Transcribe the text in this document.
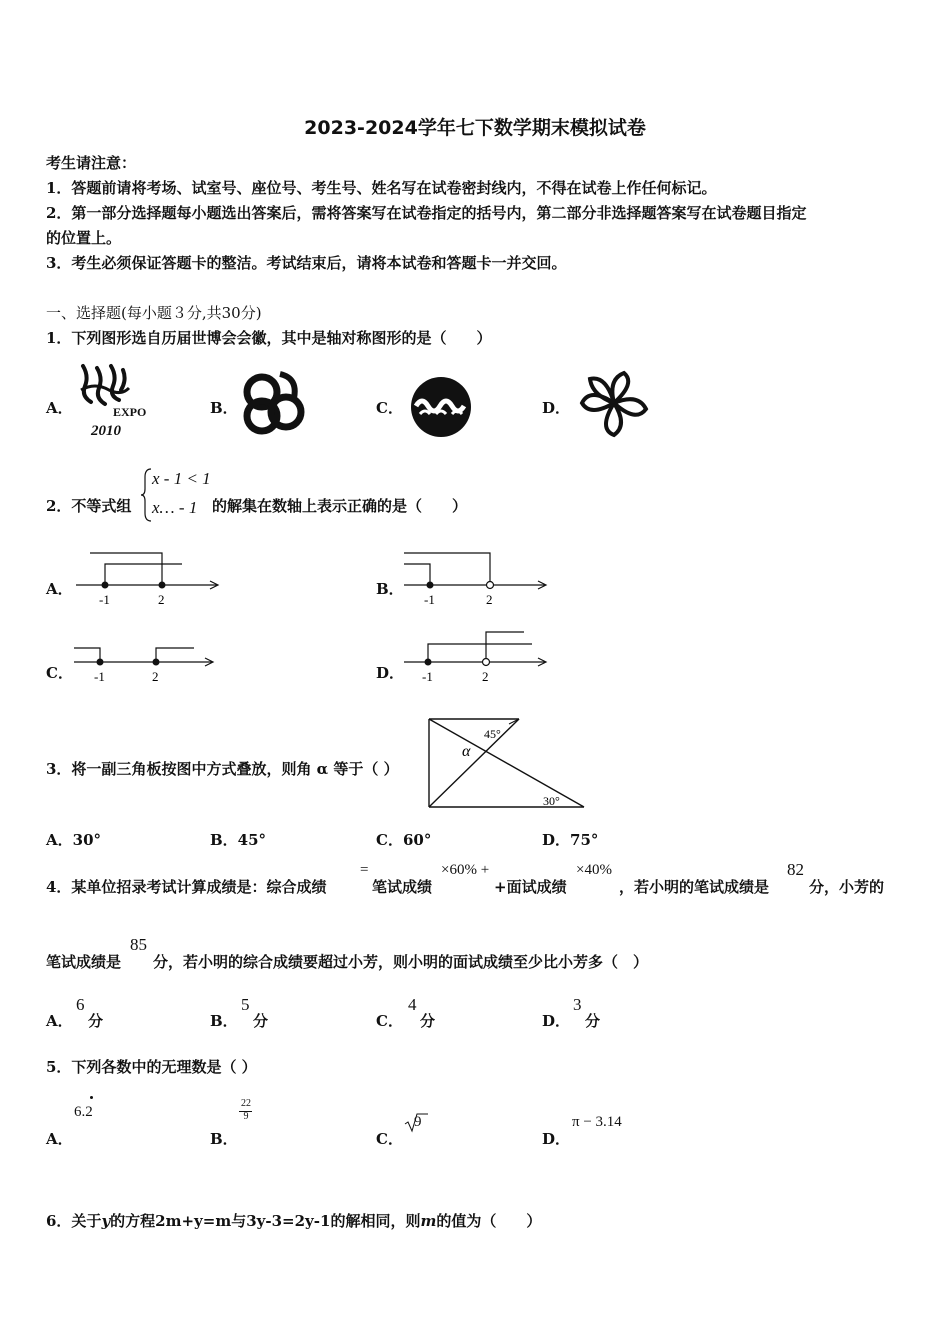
2023-2024学年七下数学期末模拟试卷
考生请注意：
1．答题前请将考场、试室号、座位号、考生号、姓名写在试卷密封线内，不得在试卷上作任何标记。
2．第一部分选择题每小题选出答案后，需将答案写在试卷指定的括号内，第二部分非选择题答案写在试卷题目指定
的位置上。
3．考生必须保证答题卡的整洁。考试结束后，请将本试卷和答题卡一并交回。
一、选择题(每小题３分,共30分)
1．下列图形选自历届世博会会徽，其中是轴对称图形的是（　　）
A．	EXPO
2010
B．	C．	D．
2．不等式组
x - 1 < 1
x… - 1 的解集在数轴上表示正确的是（　　）
A．
-1	2
B．
-1	2
C． -1	2	D． -1	2
3．将一副三角板按图中方式叠放，则角 α 等于（ ）
45°
α
30°
A．30°	B．45°	C．60°	D．75°
4．某单位招录考试计算成绩是：综合成绩
=
笔试成绩
×60% +
+面试成绩
×40%
，若小明的笔试成绩是
82
分，小芳的
笔试成绩是
85
分，若小明的综合成绩要超过小芳，则小明的面试成绩至少比小芳多（　）
A．
6
分	B．
5
分	C．
4
分	D．
3
分
5．下列各数中的无理数是（ ）
A．
6.2
B．
22
9
C．
9
D．
π − 3.14
6．关于y的方程2m+y=m与3y-3=2y-1的解相同，则m的值为（　　）
